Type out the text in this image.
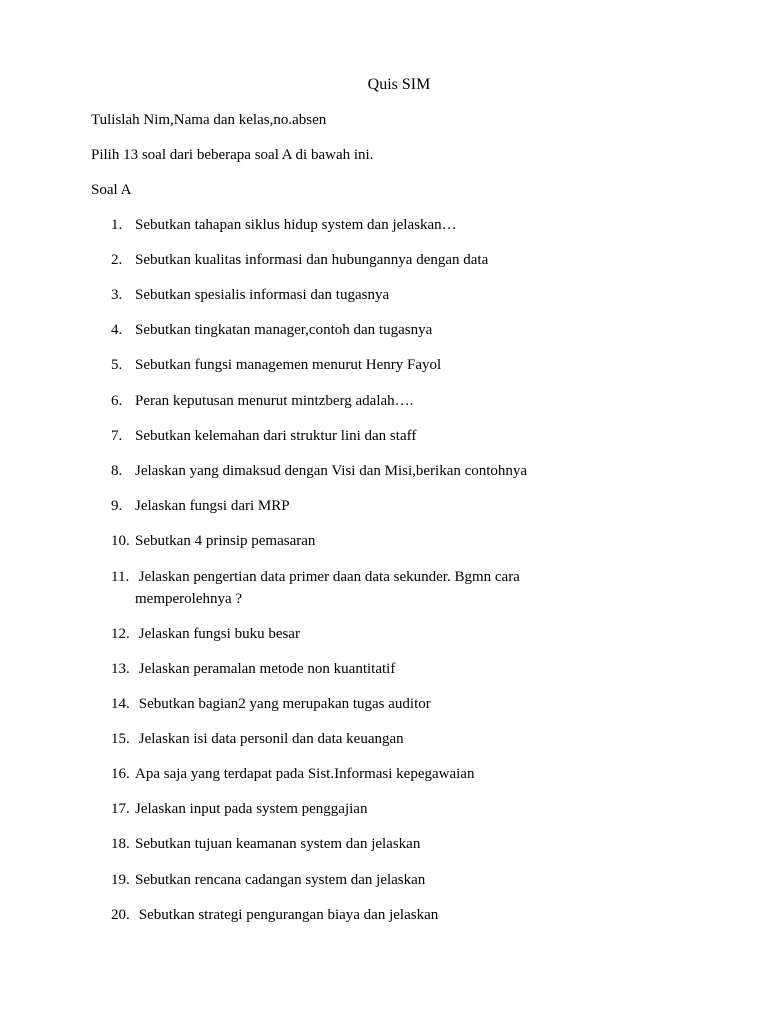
Quis SIM
Tulislah Nim,Nama dan kelas,no.absen
Pilih 13 soal dari beberapa soal A di bawah ini.
Soal A
1. Sebutkan tahapan siklus hidup system dan jelaskan…
2. Sebutkan kualitas informasi dan hubungannya dengan data
3. Sebutkan spesialis informasi dan tugasnya
4. Sebutkan tingkatan manager,contoh dan tugasnya
5. Sebutkan fungsi managemen menurut Henry Fayol
6. Peran keputusan menurut mintzberg adalah….
7. Sebutkan kelemahan dari struktur lini dan staff
8. Jelaskan yang dimaksud dengan Visi dan Misi,berikan contohnya
9. Jelaskan fungsi dari MRP
10. Sebutkan 4 prinsip pemasaran
11. Jelaskan pengertian data primer daan data sekunder. Bgmn cara
memperolehnya ?
12. Jelaskan fungsi buku besar
13. Jelaskan peramalan metode non kuantitatif
14. Sebutkan bagian2 yang merupakan tugas auditor
15. Jelaskan isi data personil dan data keuangan
16. Apa saja yang terdapat pada Sist.Informasi kepegawaian
17. Jelaskan input pada system penggajian
18. Sebutkan tujuan keamanan system dan jelaskan
19. Sebutkan rencana cadangan system dan jelaskan
20. Sebutkan strategi pengurangan biaya dan jelaskan
